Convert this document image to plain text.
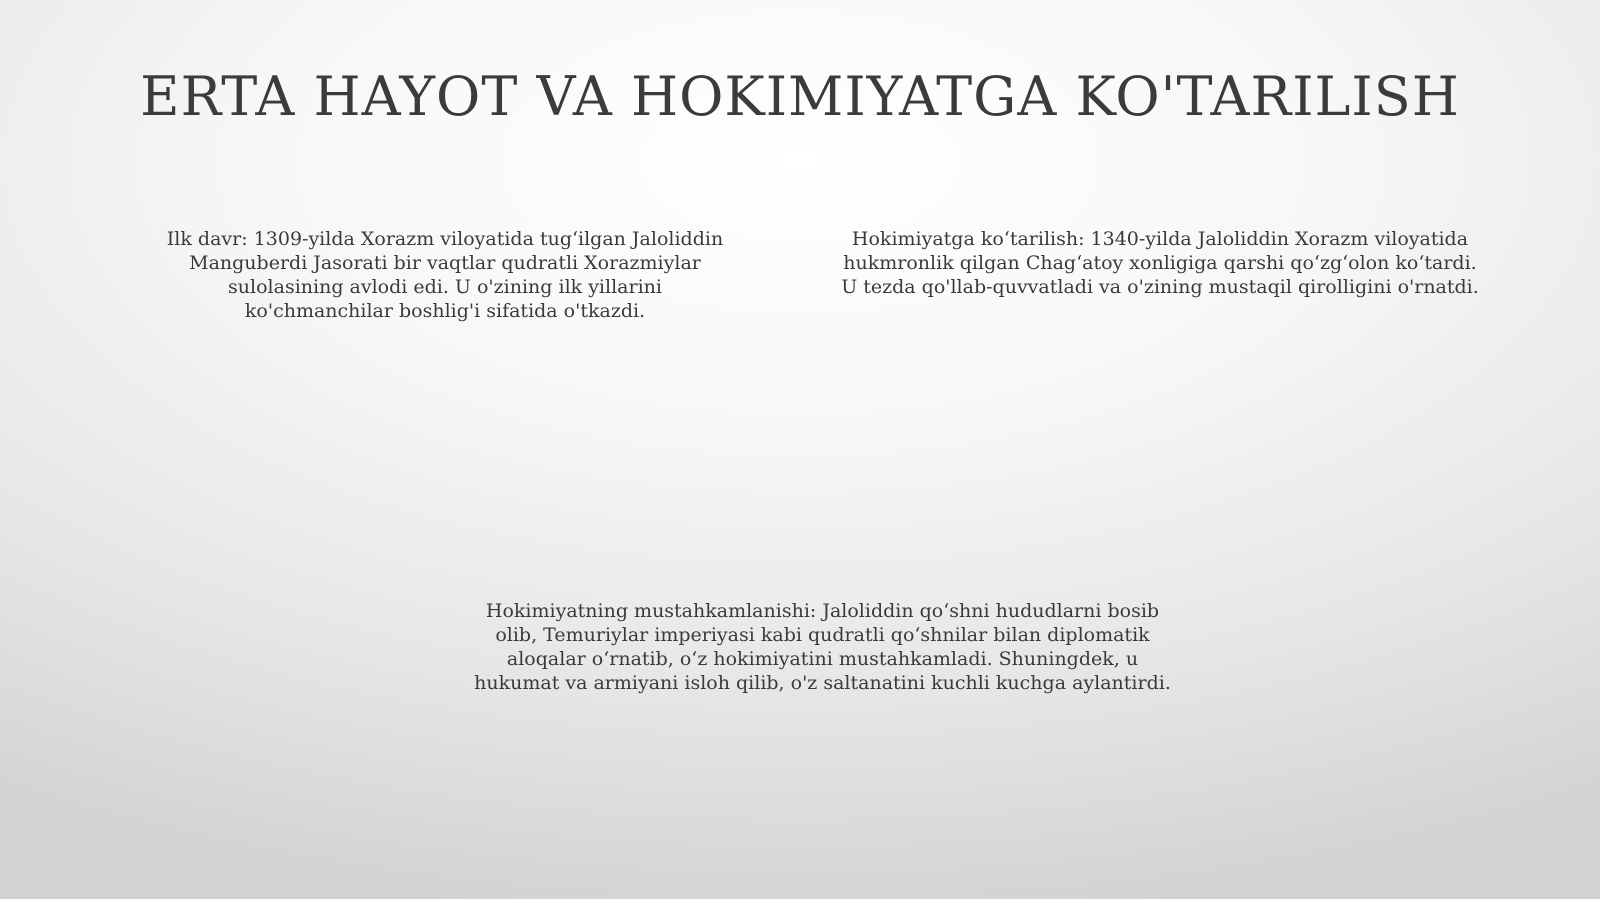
ERTA HAYOT VA HOKIMIYATGA KO'TARILISH

Ilk davr: 1309-yilda Xorazm viloyatida tug‘ilgan Jaloliddin Manguberdi Jasorati bir vaqtlar qudratli Xorazmiylar sulolasining avlodi edi. U o'zining ilk yillarini ko'chmanchilar boshlig'i sifatida o'tkazdi.

Hokimiyatga ko‘tarilish: 1340-yilda Jaloliddin Xorazm viloyatida hukmronlik qilgan Chag‘atoy xonligiga qarshi qo‘zg‘olon ko‘tardi. U tezda qo'llab-quvvatladi va o'zining mustaqil qirolligini o'rnatdi.

Hokimiyatning mustahkamlanishi: Jaloliddin qo‘shni hududlarni bosib olib, Temuriylar imperiyasi kabi qudratli qo‘shnilar bilan diplomatik aloqalar o‘rnatib, o‘z hokimiyatini mustahkamladi. Shuningdek, u hukumat va armiyani isloh qilib, o'z saltanatini kuchli kuchga aylantirdi.
